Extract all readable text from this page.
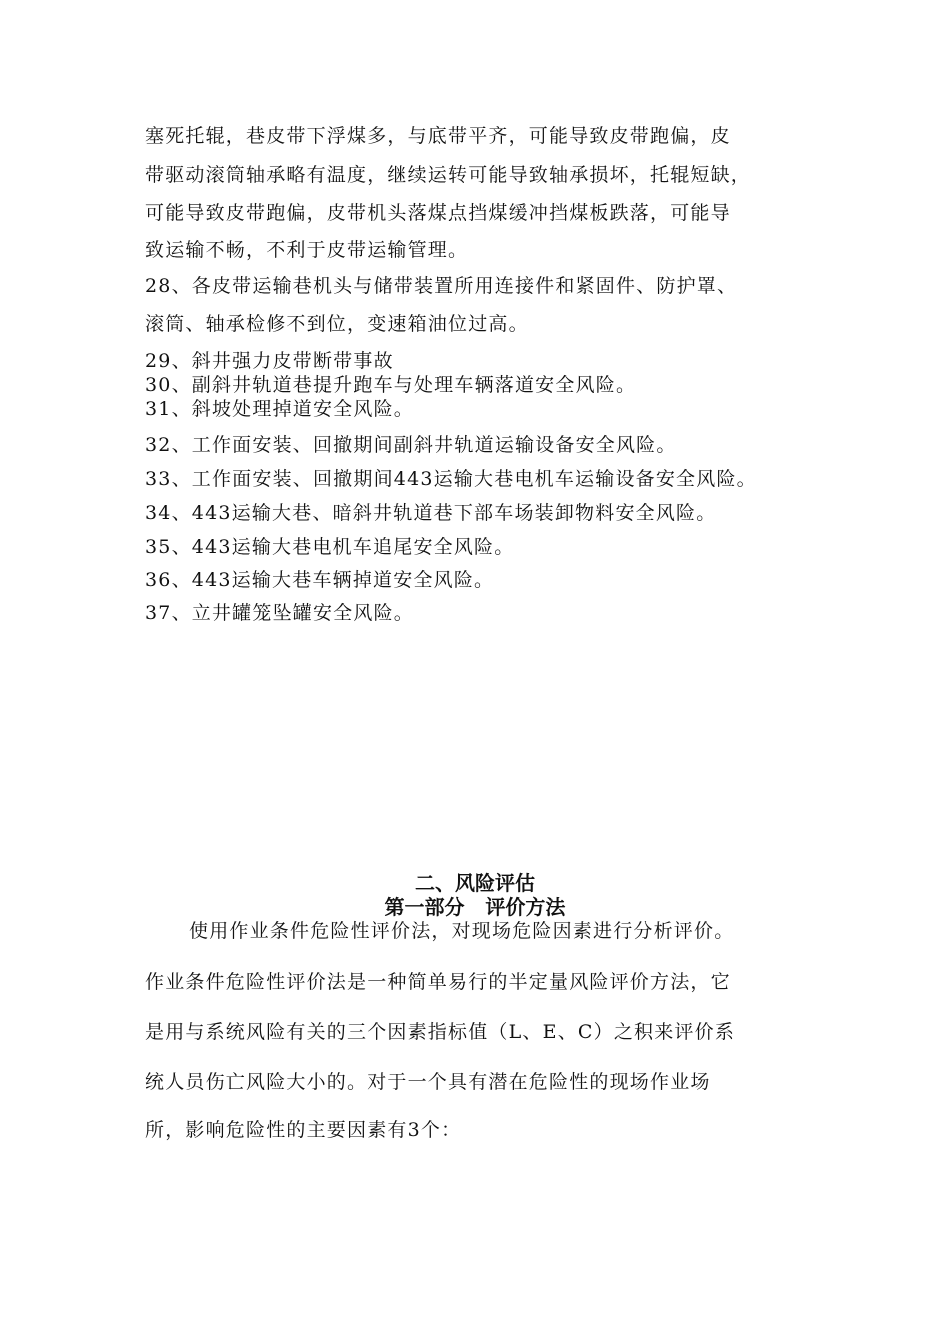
塞死托辊，巷皮带下浮煤多，与底带平齐，可能导致皮带跑偏，皮
带驱动滚筒轴承略有温度，继续运转可能导致轴承损坏，托辊短缺，
可能导致皮带跑偏，皮带机头落煤点挡煤缓冲挡煤板跌落，可能导
致运输不畅，不利于皮带运输管理。
28、各皮带运输巷机头与储带装置所用连接件和紧固件、防护罩、
滚筒、轴承检修不到位，变速箱油位过高。
29、斜井强力皮带断带事故
30、副斜井轨道巷提升跑车与处理车辆落道安全风险。
31、斜坡处理掉道安全风险。
32、工作面安装、回撤期间副斜井轨道运输设备安全风险。
33、工作面安装、回撤期间443运输大巷电机车运输设备安全风险。
34、443运输大巷、暗斜井轨道巷下部车场装卸物料安全风险。
35、443运输大巷电机车追尾安全风险。
36、443运输大巷车辆掉道安全风险。
37、立井罐笼坠罐安全风险。
二、风险评估
第一部分   评价方法
使用作业条件危险性评价法，对现场危险因素进行分析评价。
作业条件危险性评价法是一种简单易行的半定量风险评价方法，它
是用与系统风险有关的三个因素指标值（L、E、C）之积来评价系
统人员伤亡风险大小的。对于一个具有潜在危险性的现场作业场
所，影响危险性的主要因素有3个：
